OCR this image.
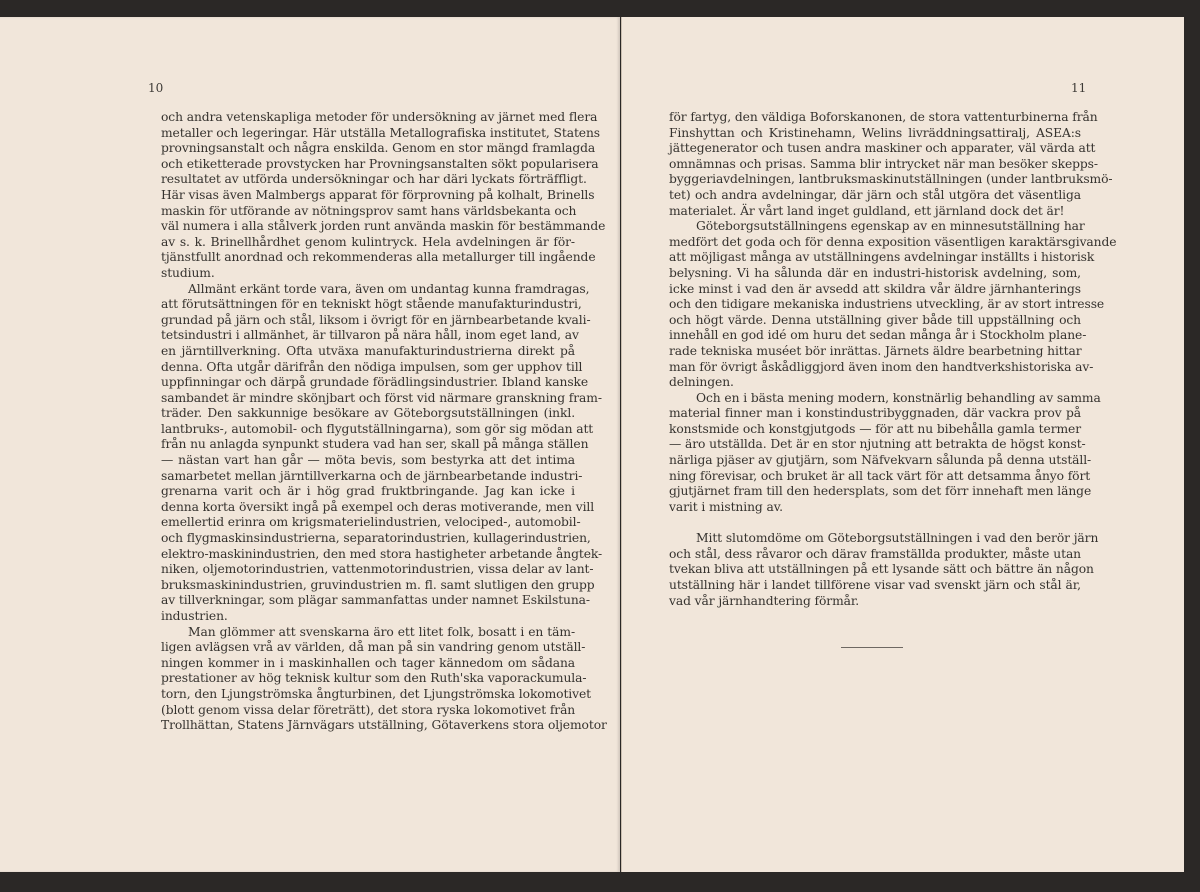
10
och andra vetenskapliga metoder för undersökning av järnet med flera
metaller och legeringar. Här utställa Metallografiska institutet, Statens
provningsanstalt och några enskilda. Genom en stor mängd framlagda
och etiketterade provstycken har Provningsanstalten sökt popularisera
resultatet av utförda undersökningar och har däri lyckats förträffligt.
Här visas även Malmbergs apparat för förprovning på kolhalt, Brinells
maskin för utförande av nötningsprov samt hans världsbekanta och
väl numera i alla stålverk jorden runt använda maskin för bestämmande
av s. k. Brinellhårdhet genom kulintryck. Hela avdelningen är för-
tjänstfullt anordnad och rekommenderas alla metallurger till ingående
studium.
Allmänt erkänt torde vara, även om undantag kunna framdragas,
att förutsättningen för en tekniskt högt stående manufakturindustri,
grundad på järn och stål, liksom i övrigt för en järnbearbetande kvali-
tetsindustri i allmänhet, är tillvaron på nära håll, inom eget land, av
en järntillverkning. Ofta utväxa manufakturindustrierna direkt på
denna. Ofta utgår därifrån den nödiga impulsen, som ger upphov till
uppfinningar och därpå grundade förädlingsindustrier. Ibland kanske
sambandet är mindre skönjbart och först vid närmare granskning fram-
träder. Den sakkunnige besökare av Göteborgsutställningen (inkl.
lantbruks-, automobil- och flygutställningarna), som gör sig mödan att
från nu anlagda synpunkt studera vad han ser, skall på många ställen
— nästan vart han går — möta bevis, som bestyrka att det intima
samarbetet mellan järntillverkarna och de järnbearbetande industri-
grenarna varit och är i hög grad fruktbringande. Jag kan icke i
denna korta översikt ingå på exempel och deras motiverande, men vill
emellertid erinra om krigsmaterielindustrien, velociped-, automobil-
och flygmaskinsindustrierna, separatorindustrien, kullagerindustrien,
elektro-maskinindustrien, den med stora hastigheter arbetande ångtek-
niken, oljemotorindustrien, vattenmotorindustrien, vissa delar av lant-
bruksmaskinindustrien, gruvindustrien m. fl. samt slutligen den grupp
av tillverkningar, som plägar sammanfattas under namnet Eskilstuna-
industrien.
Man glömmer att svenskarna äro ett litet folk, bosatt i en täm-
ligen avlägsen vrå av världen, då man på sin vandring genom utställ-
ningen kommer in i maskinhallen och tager kännedom om sådana
prestationer av hög teknisk kultur som den Ruth'ska vaporackumula-
torn, den Ljungströmska ångturbinen, det Ljungströmska lokomotivet
(blott genom vissa delar företrätt), det stora ryska lokomotivet från
Trollhättan, Statens Järnvägars utställning, Götaverkens stora oljemotor
11
för fartyg, den väldiga Boforskanonen, de stora vattenturbinerna från
Finshyttan och Kristinehamn, Welins livräddningsattiralj, ASEA:s
jättegenerator och tusen andra maskiner och apparater, väl värda att
omnämnas och prisas. Samma blir intrycket när man besöker skepps-
byggeriavdelningen, lantbruksmaskinutställningen (under lantbruksmö-
tet) och andra avdelningar, där järn och stål utgöra det väsentliga
materialet. Är vårt land inget guldland, ett järnland dock det är!
Göteborgsutställningens egenskap av en minnesutställning har
medfört det goda och för denna exposition väsentligen karaktärsgivande
att möjligast många av utställningens avdelningar inställts i historisk
belysning. Vi ha sålunda där en industri-historisk avdelning, som,
icke minst i vad den är avsedd att skildra vår äldre järnhanterings
och den tidigare mekaniska industriens utveckling, är av stort intresse
och högt värde. Denna utställning giver både till uppställning och
innehåll en god idé om huru det sedan många år i Stockholm plane-
rade tekniska muséet bör inrättas. Järnets äldre bearbetning hittar
man för övrigt åskådliggjord även inom den handtverkshistoriska av-
delningen.
Och en i bästa mening modern, konstnärlig behandling av samma
material finner man i konstindustribyggnaden, där vackra prov på
konstsmide och konstgjutgods — för att nu bibehålla gamla termer
— äro utställda. Det är en stor njutning att betrakta de högst konst-
närliga pjäser av gjutjärn, som Näfvekvarn sålunda på denna utställ-
ning förevisar, och bruket är all tack värt för att detsamma ånyo fört
gjutjärnet fram till den hedersplats, som det förr innehaft men länge
varit i mistning av.
Mitt slutomdöme om Göteborgsutställningen i vad den berör järn
och stål, dess råvaror och därav framställda produkter, måste utan
tvekan bliva att utställningen på ett lysande sätt och bättre än någon
utställning här i landet tillförene visar vad svenskt järn och stål är,
vad vår järnhandtering förmår.
